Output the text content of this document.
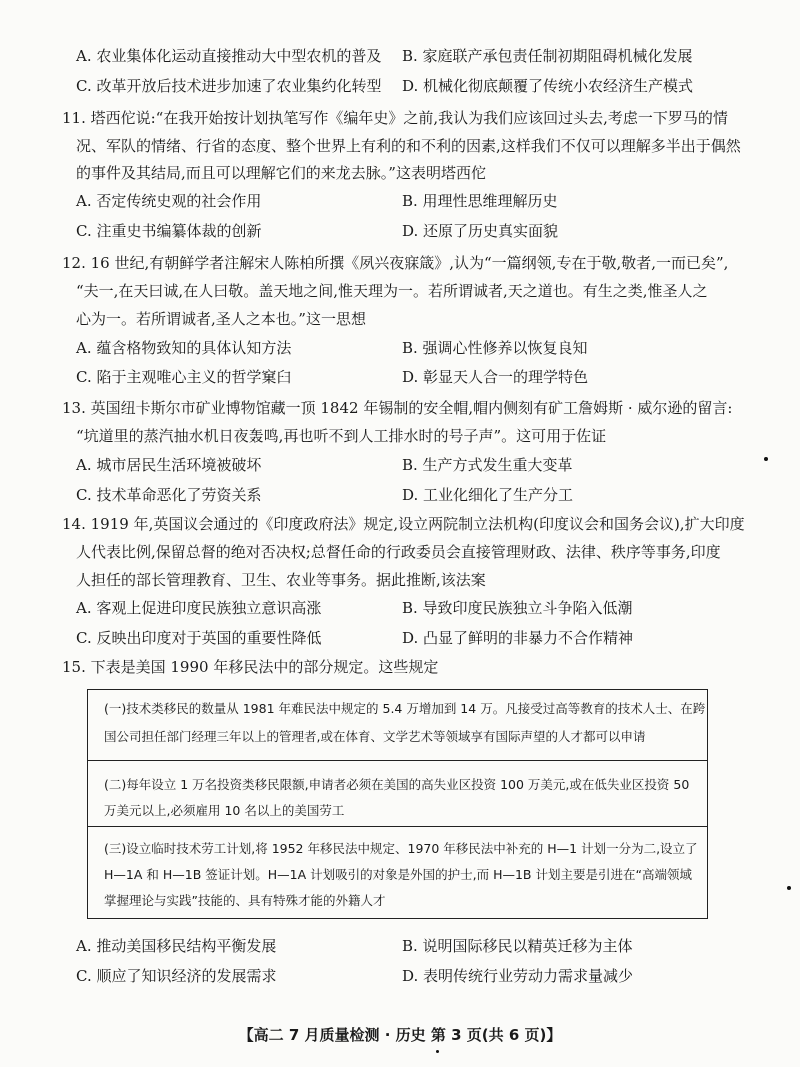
A. 农业集体化运动直接推动大中型农机的普及 B. 家庭联产承包责任制初期阻碍机械化发展
C. 改革开放后技术进步加速了农业集约化转型 D. 机械化彻底颠覆了传统小农经济生产模式
11. 塔西佗说:“在我开始按计划执笔写作《编年史》之前,我认为我们应该回过头去,考虑一下罗马的情
况、军队的情绪、行省的态度、整个世界上有利的和不利的因素,这样我们不仅可以理解多半出于偶然
的事件及其结局,而且可以理解它们的来龙去脉。”这表明塔西佗
A. 否定传统史观的社会作用	B. 用理性思维理解历史
C. 注重史书编纂体裁的创新	D. 还原了历史真实面貌
12. 16 世纪,有朝鲜学者注解宋人陈柏所撰《夙兴夜寐箴》,认为“一篇纲领,专在于敬,敬者,一而已矣”,
“夫一,在天曰诚,在人曰敬。盖天地之间,惟天理为一。若所谓诚者,天之道也。有生之类,惟圣人之
心为一。若所谓诚者,圣人之本也。”这一思想
A. 蕴含格物致知的具体认知方法	B. 强调心性修养以恢复良知
C. 陷于主观唯心主义的哲学窠臼	D. 彰显天人合一的理学特色
13. 英国纽卡斯尔市矿业博物馆藏一顶 1842 年锡制的安全帽,帽内侧刻有矿工詹姆斯 · 威尔逊的留言:
“坑道里的蒸汽抽水机日夜轰鸣,再也听不到人工排水时的号子声”。这可用于佐证
A. 城市居民生活环境被破坏	B. 生产方式发生重大变革
C. 技术革命恶化了劳资关系	D. 工业化细化了生产分工
14. 1919 年,英国议会通过的《印度政府法》规定,设立两院制立法机构(印度议会和国务会议),扩大印度
人代表比例,保留总督的绝对否决权;总督任命的行政委员会直接管理财政、法律、秩序等事务,印度
人担任的部长管理教育、卫生、农业等事务。据此推断,该法案
A. 客观上促进印度民族独立意识高涨	B. 导致印度民族独立斗争陷入低潮
C. 反映出印度对于英国的重要性降低	D. 凸显了鲜明的非暴力不合作精神
15. 下表是美国 1990 年移民法中的部分规定。这些规定
(一)技术类移民的数量从 1981 年难民法中规定的 5.4 万增加到 14 万。凡接受过高等教育的技术人士、在跨
国公司担任部门经理三年以上的管理者,或在体育、文学艺术等领域享有国际声望的人才都可以申请
(二)每年设立 1 万名投资类移民限额,申请者必须在美国的高失业区投资 100 万美元,或在低失业区投资 50
万美元以上,必须雇用 10 名以上的美国劳工
(三)设立临时技术劳工计划,将 1952 年移民法中规定、1970 年移民法中补充的 H—1 计划一分为二,设立了
H—1A 和 H—1B 签证计划。H—1A 计划吸引的对象是外国的护士,而 H—1B 计划主要是引进在“高端领域
掌握理论与实践”技能的、具有特殊才能的外籍人才
A. 推动美国移民结构平衡发展	B. 说明国际移民以精英迁移为主体
C. 顺应了知识经济的发展需求	D. 表明传统行业劳动力需求量减少
【高二 7 月质量检测 · 历史 第 3 页(共 6 页)】
